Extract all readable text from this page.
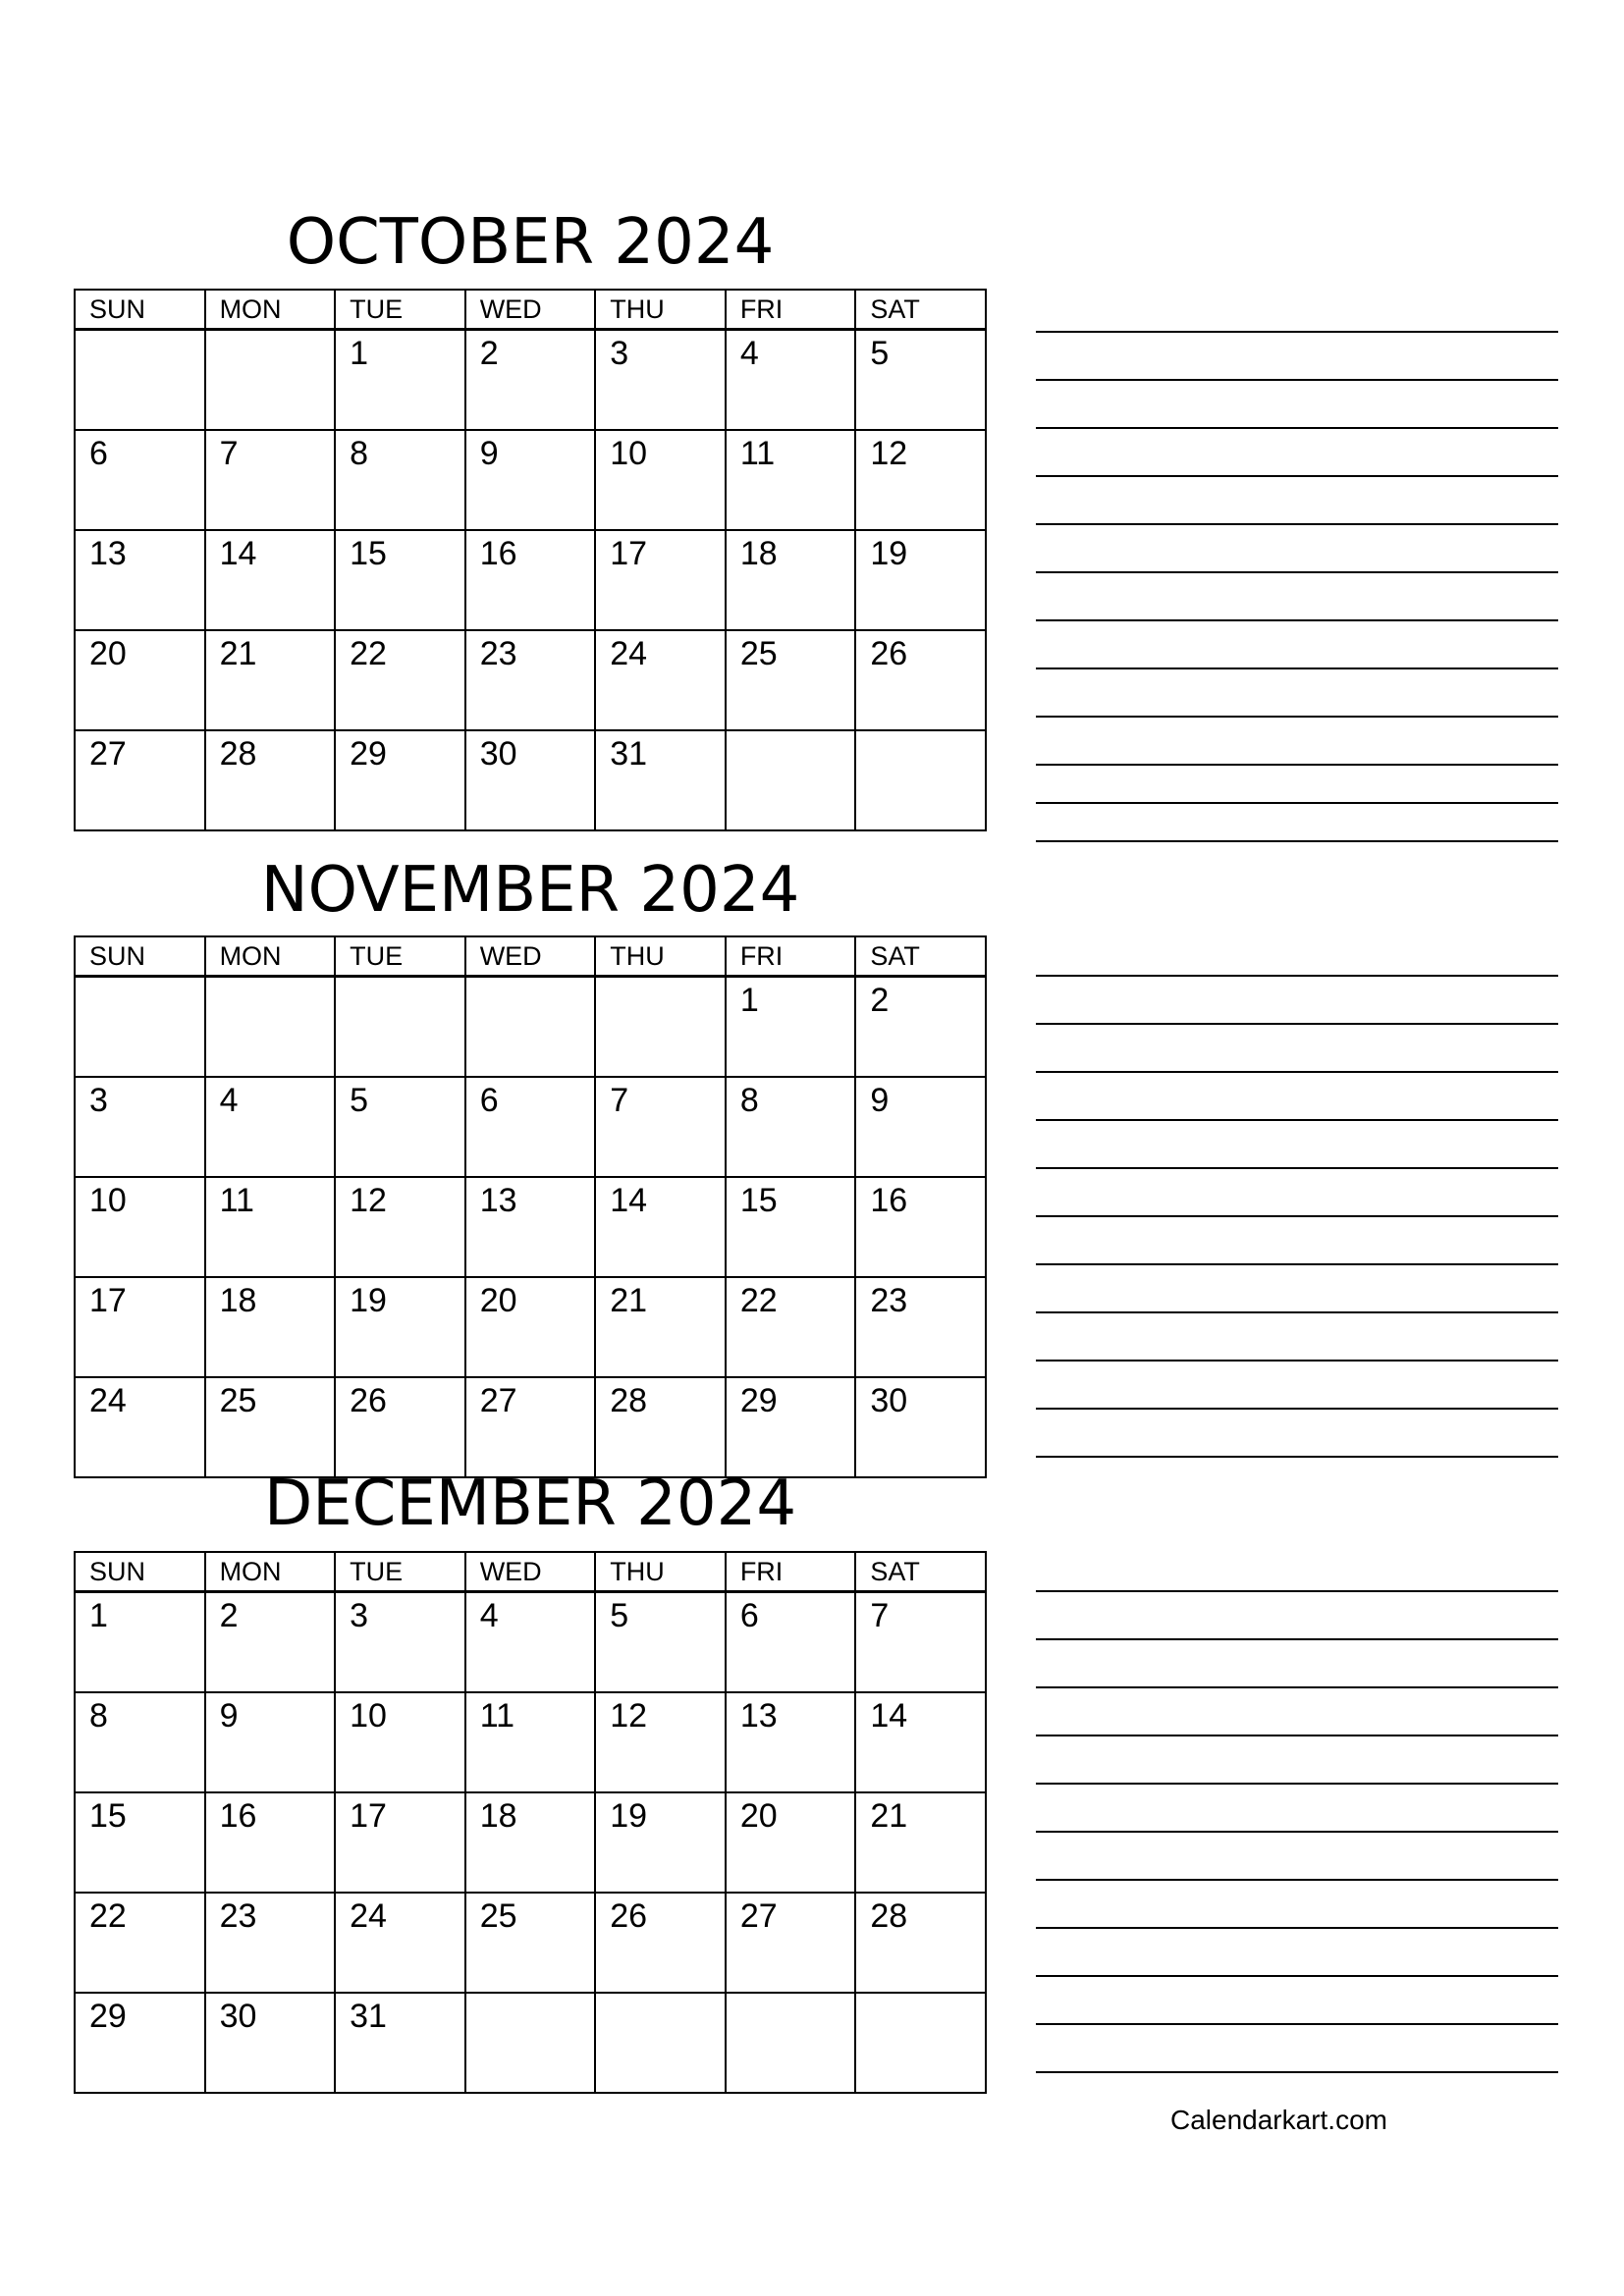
OCTOBER 2024
SUN	MON	TUE	WED	THU	FRI	SAT
		1	2	3	4	5
6	7	8	9	10	11	12
13	14	15	16	17	18	19
20	21	22	23	24	25	26
27	28	29	30	31		
NOVEMBER 2024
SUN	MON	TUE	WED	THU	FRI	SAT
					1	2
3	4	5	6	7	8	9
10	11	12	13	14	15	16
17	18	19	20	21	22	23
24	25	26	27	28	29	30
DECEMBER 2024
SUN	MON	TUE	WED	THU	FRI	SAT
1	2	3	4	5	6	7
8	9	10	11	12	13	14
15	16	17	18	19	20	21
22	23	24	25	26	27	28
29	30	31				
Calendarkart.com
